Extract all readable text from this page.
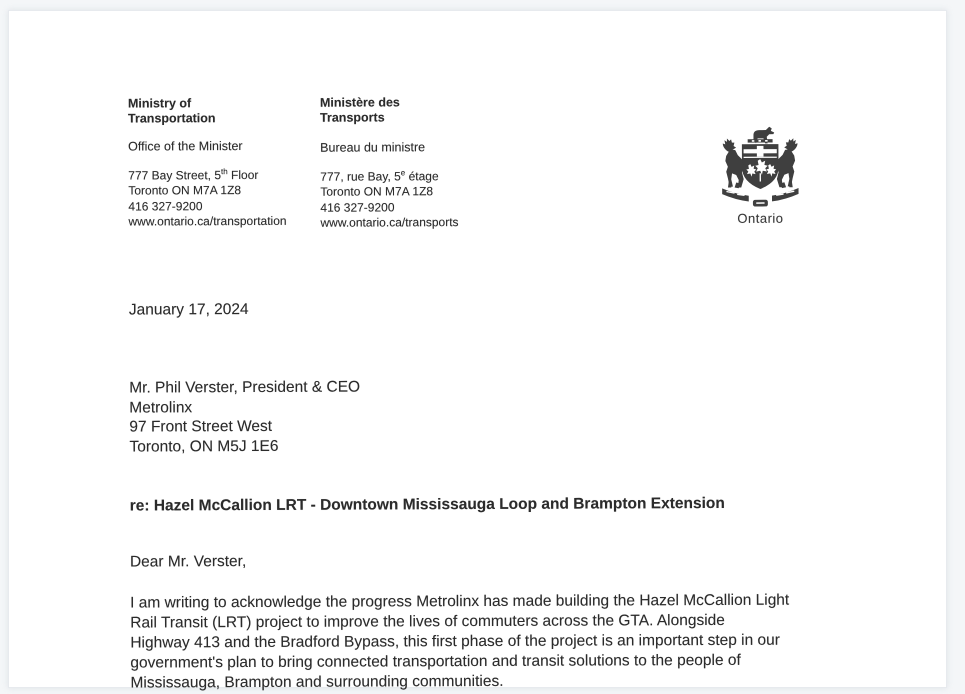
Ministry of
Transportation
Office of the Minister
777 Bay Street, 5th Floor
Toronto ON M7A 1Z8
416 327-9200
www.ontario.ca/transportation
Ministère des
Transports
Bureau du ministre
777, rue Bay, 5e étage
Toronto ON M7A 1Z8
416 327-9200
www.ontario.ca/transports	Ontario
January 17, 2024
Mr. Phil Verster, President & CEO
Metrolinx
97 Front Street West
Toronto, ON M5J 1E6
re: Hazel McCallion LRT - Downtown Mississauga Loop and Brampton Extension
Dear Mr. Verster,
I am writing to acknowledge the progress Metrolinx has made building the Hazel McCallion Light
Rail Transit (LRT) project to improve the lives of commuters across the GTA. Alongside
Highway 413 and the Bradford Bypass, this first phase of the project is an important step in our
government's plan to bring connected transportation and transit solutions to the people of
Mississauga, Brampton and surrounding communities.
